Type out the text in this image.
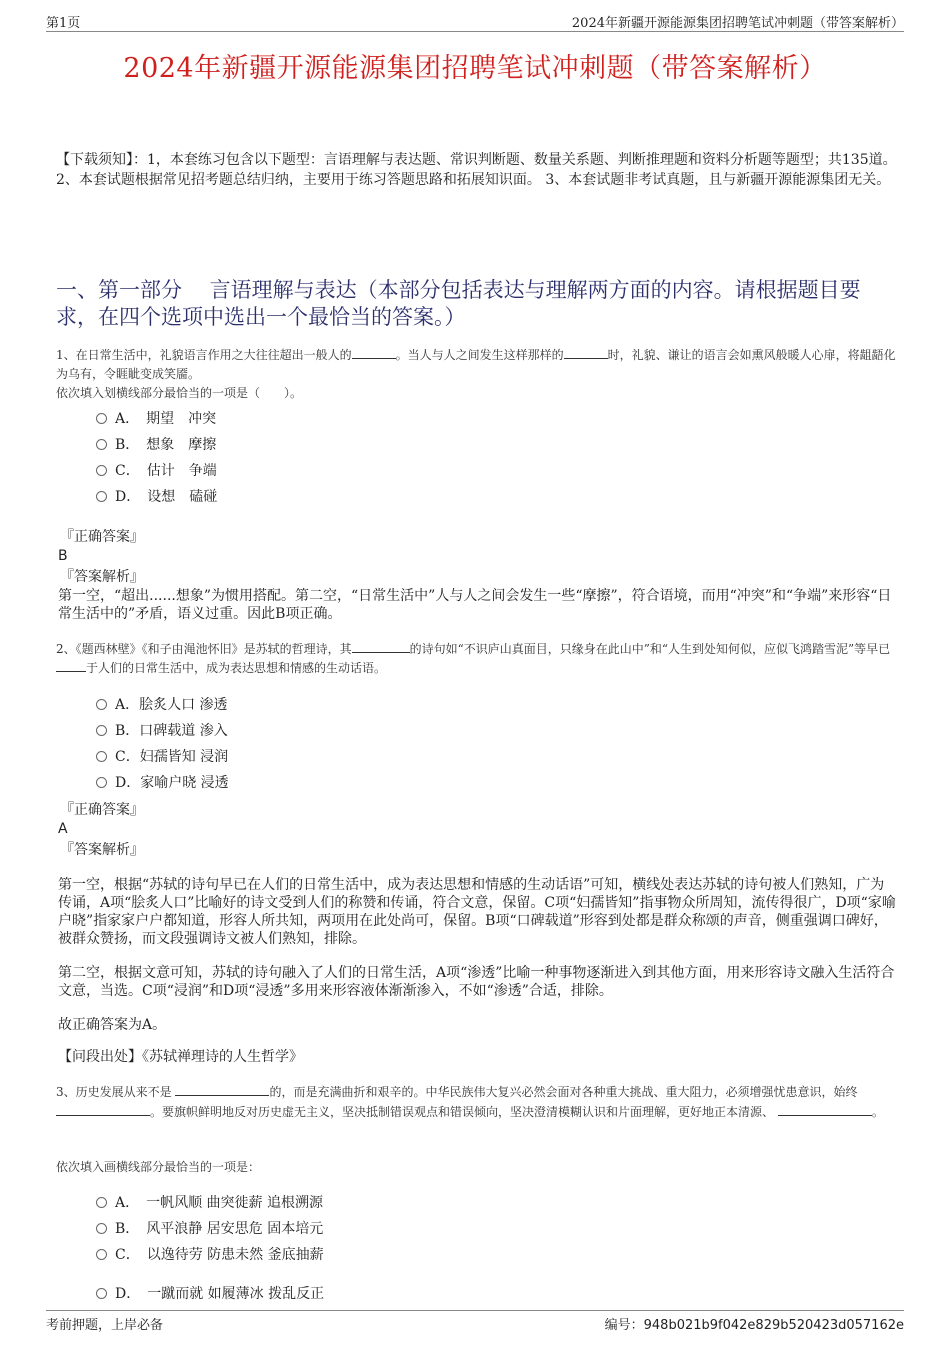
第1页	2024年新疆开源能源集团招聘笔试冲刺题（带答案解析）
2024年新疆开源能源集团招聘笔试冲刺题（带答案解析）
【下载须知】：1，本套练习包含以下题型：言语理解与表达题、常识判断题、数量关系题、判断推理题和资料分析题等题型；共135道。 2、本套试题根据常见招考题总结归纳，主要用于练习答题思路和拓展知识面。 3、本套试题非考试真题，且与新疆开源能源集团无关。
一、第一部分　 言语理解与表达（本部分包括表达与理解两方面的内容。请根据题目要求，在四个选项中选出一个最恰当的答案。）
1、在日常生活中，礼貌语言作用之大往往超出一般人的	。当人与人之间发生这样那样的	时，礼貌、谦让的语言会如熏风般暖人心扉，将龃龉化为乌有，令睚眦变成笑靥。
依次填入划横线部分最恰当的一项是（　　）。
A．　期望　冲突
B．　想象　摩擦
C．　估计　争端
D．　设想　磕碰
『正确答案』
B
『答案解析』
第一空，“超出......想象”为惯用搭配。第二空，“日常生活中”人与人之间会发生一些“摩擦”，符合语境，而用“冲突”和“争端”来形容“日常生活中的”矛盾，语义过重。因此B项正确。
2、《题西林壁》《和子由渑池怀旧》是苏轼的哲理诗，其	的诗句如“不识庐山真面目，只缘身在此山中”和“人生到处知何似，应似飞鸿踏雪泥”等早已于人们的日常生活中，成为表达思想和情感的生动话语。
A．脍炙人口 渗透
B．口碑载道 渗入
C．妇孺皆知 浸润
D．家喻户晓 浸透
『正确答案』
A
『答案解析』
第一空，根据“苏轼的诗句早已在人们的日常生活中，成为表达思想和情感的生动话语”可知，横线处表达苏轼的诗句被人们熟知，广为传诵，A项“脍炙人口”比喻好的诗文受到人们的称赞和传诵，符合文意，保留。C项“妇孺皆知”指事物众所周知，流传得很广，D项“家喻户晓”指家家户户都知道，形容人所共知，两项用在此处尚可，保留。B项“口碑载道”形容到处都是群众称颂的声音，侧重强调口碑好，被群众赞扬，而文段强调诗文被人们熟知，排除。
第二空，根据文意可知，苏轼的诗句融入了人们的日常生活，A项“渗透”比喻一种事物逐渐进入到其他方面，用来形容诗文融入生活符合文意，当选。C项“浸润”和D项“浸透”多用来形容液体渐渐渗入，不如“渗透”合适，排除。
故正确答案为A。
【问段出处】《苏轼禅理诗的人生哲学》
3、历史发展从来不是	的，而是充满曲折和艰辛的。中华民族伟大复兴必然会面对各种重大挑战、重大阻力，必须增强忧患意识，始终 。要旗帜鲜明地反对历史虚无主义，坚决抵制错误观点和错误倾向，坚决澄清模糊认识和片面理解，更好地正本清源、	。
依次填入画横线部分最恰当的一项是：
A．　一帆风顺 曲突徙薪 追根溯源
B．　风平浪静 居安思危 固本培元
C．　以逸待劳 防患未然 釜底抽薪
D．　一蹴而就 如履薄冰 拨乱反正
考前押题，上岸必备	编号：948b021b9f042e829b520423d057162e
